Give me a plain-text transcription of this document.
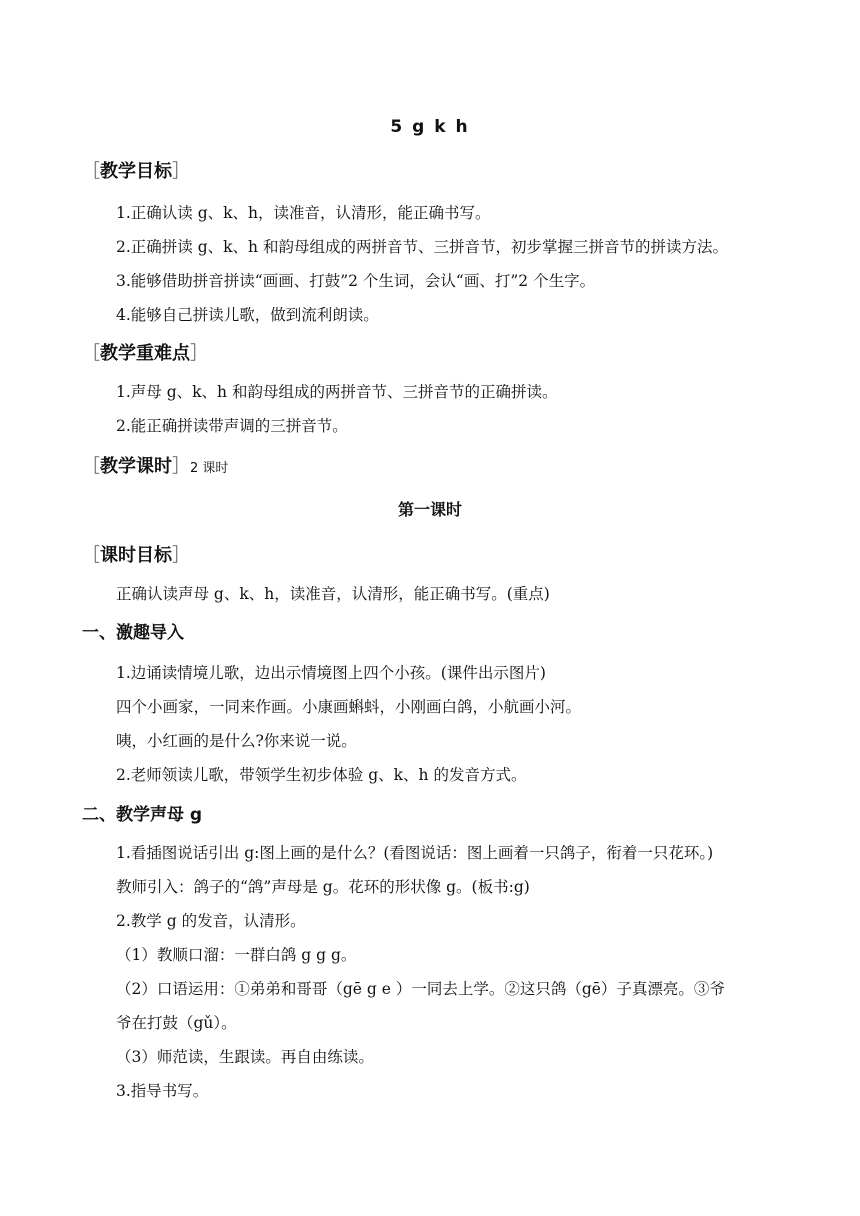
5 g k h
［教学目标］
1.正确认读 g、k、h，读准音，认清形，能正确书写。
2.正确拼读 g、k、h 和韵母组成的两拼音节、三拼音节，初步掌握三拼音节的拼读方法。
3.能够借助拼音拼读“画画、打鼓”2 个生词，会认“画、打”2 个生字。
4.能够自己拼读儿歌，做到流利朗读。
［教学重难点］
1.声母 g、k、h 和韵母组成的两拼音节、三拼音节的正确拼读。
2.能正确拼读带声调的三拼音节。
［教学课时］2 课时
第一课时
［课时目标］
正确认读声母 g、k、h，读准音，认清形，能正确书写。(重点)
一、激趣导入
1.边诵读情境儿歌，边出示情境图上四个小孩。(课件出示图片)
四个小画家，一同来作画。小康画蝌蚪，小刚画白鸽，小航画小河。
咦，小红画的是什么?你来说一说。
2.老师领读儿歌，带领学生初步体验 g、k、h 的发音方式。
二、教学声母 g
1.看插图说话引出 g:图上画的是什么？(看图说话：图上画着一只鸽子，衔着一只花环。)
教师引入：鸽子的“鸽”声母是 g。花环的形状像 g。(板书:g)
2.教学 g 的发音，认清形。
（1）教顺口溜：一群白鸽 g g g。
（2）口语运用：①弟弟和哥哥（gē g e ）一同去上学。②这只鸽（gē）子真漂亮。③爷
爷在打鼓（gǔ）。
（3）师范读，生跟读。再自由练读。
3.指导书写。
